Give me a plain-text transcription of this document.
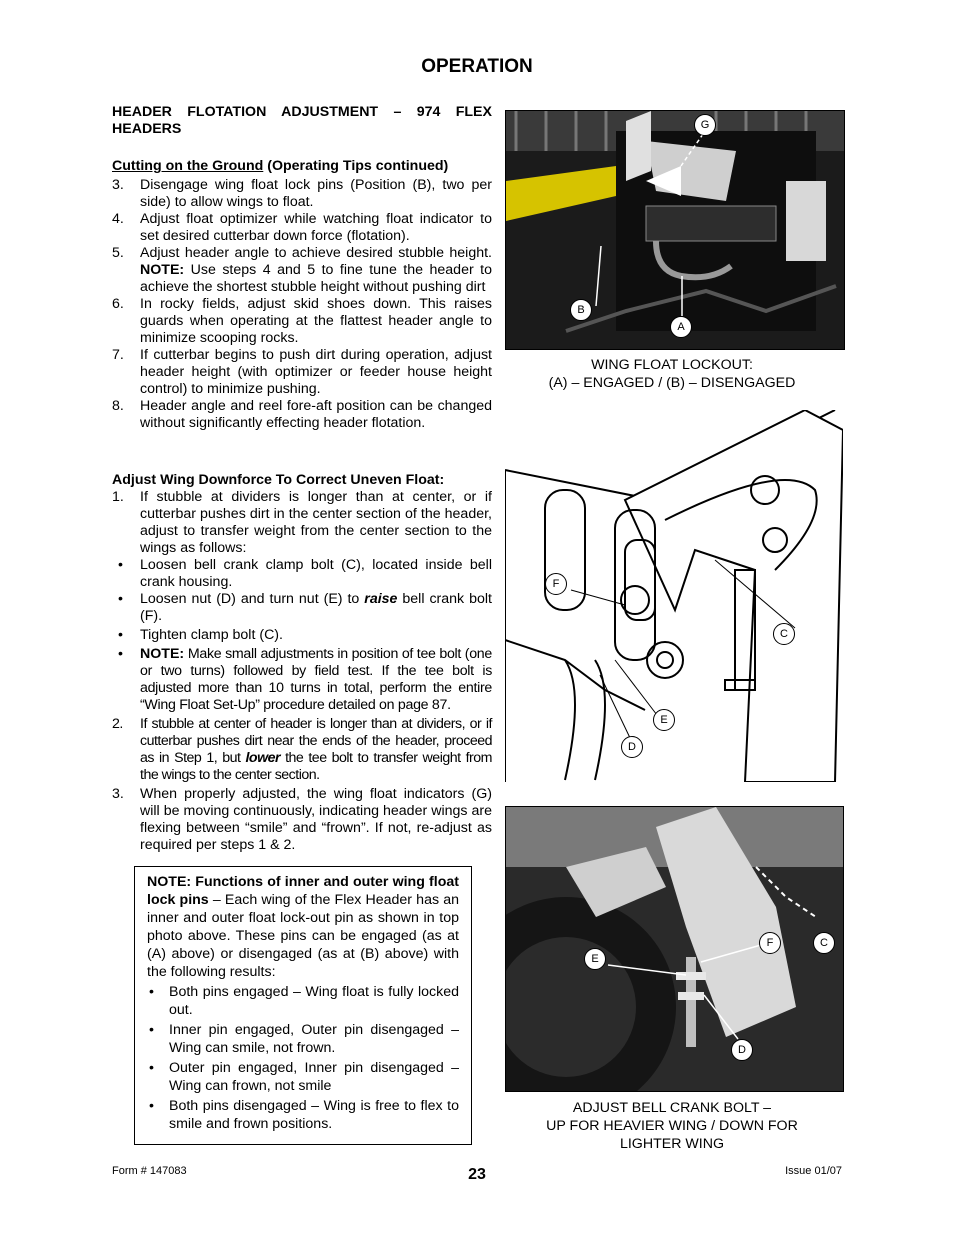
OPERATION
HEADER FLOTATION ADJUSTMENT – 974 FLEX HEADERS
Cutting on the Ground (Operating Tips continued)
3. Disengage wing float lock pins (Position (B), two per side) to allow wings to float.
4. Adjust float optimizer while watching float indicator to set desired cutterbar down force (flotation).
5. Adjust header angle to achieve desired stubble height. NOTE: Use steps 4 and 5 to fine tune the header to achieve the shortest stubble height without pushing dirt
6. In rocky fields, adjust skid shoes down. This raises guards when operating at the flattest header angle to minimize scooping rocks.
7. If cutterbar begins to push dirt during operation, adjust header height (with optimizer or feeder house height control) to minimize pushing.
8. Header angle and reel fore-aft position can be changed without significantly effecting header flotation.
Adjust Wing Downforce To Correct Uneven Float:
1. If stubble at dividers is longer than at center, or if cutterbar pushes dirt in the center section of the header, adjust to transfer weight from the center section to the wings as follows:
• Loosen bell crank clamp bolt (C), located inside bell crank housing.
• Loosen nut (D) and turn nut (E) to raise bell crank bolt (F).
• Tighten clamp bolt (C).
• NOTE: Make small adjustments in position of tee bolt (one or two turns) followed by field test. If the tee bolt is adjusted more than 10 turns in total, perform the entire “Wing Float Set-Up” procedure detailed on page 87.
2. If stubble at center of header is longer than at dividers, or if cutterbar pushes dirt near the ends of the header, proceed as in Step 1, but lower the tee bolt to transfer weight from the wings to the center section.
3. When properly adjusted, the wing float indicators (G) will be moving continuously, indicating header wings are flexing between “smile” and “frown”. If not, re-adjust as required per steps 1 & 2.
NOTE: Functions of inner and outer wing float lock pins – Each wing of the Flex Header has an inner and outer float lock-out pin as shown in top photo above. These pins can be engaged (as at (A) above) or disengaged (as at (B) above) with the following results:
• Both pins engaged – Wing float is fully locked out.
• Inner pin engaged, Outer pin disengaged – Wing can smile, not frown.
• Outer pin engaged, Inner pin disengaged – Wing can frown, not smile
• Both pins disengaged – Wing is free to flex to smile and frown positions.
G
B
A
WING FLOAT LOCKOUT:
(A) – ENGAGED / (B) – DISENGAGED
F
C
E
D
F	C
E
D
ADJUST BELL CRANK BOLT –
UP FOR HEAVIER WING / DOWN FOR
LIGHTER WING
Form # 147083	23	Issue 01/07
